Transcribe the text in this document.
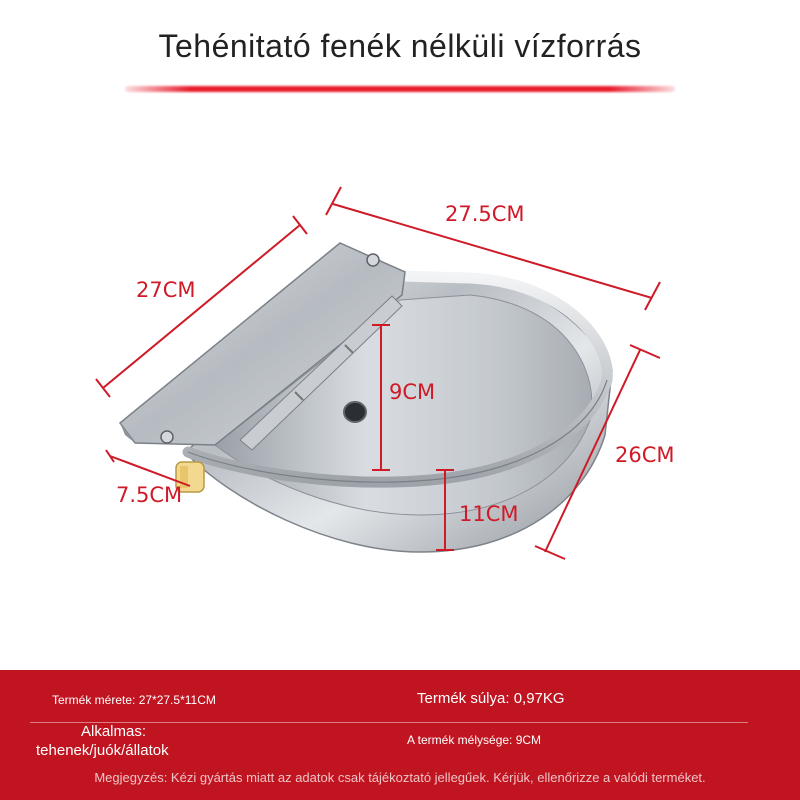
Tehénitató fenék nélküli vízforrás
27.5CM
27CM
26CM
9CM
11CM
7.5CM
Termék mérete: 27*27.5*11CM	Termék súlya: 0,97KG
Alkalmas:
tehenek/juók/állatok
A termék mélysége: 9CM
Megjegyzés: Kézi gyártás miatt az adatok csak tájékoztató jellegűek. Kérjük, ellenőrizze a valódi terméket.
